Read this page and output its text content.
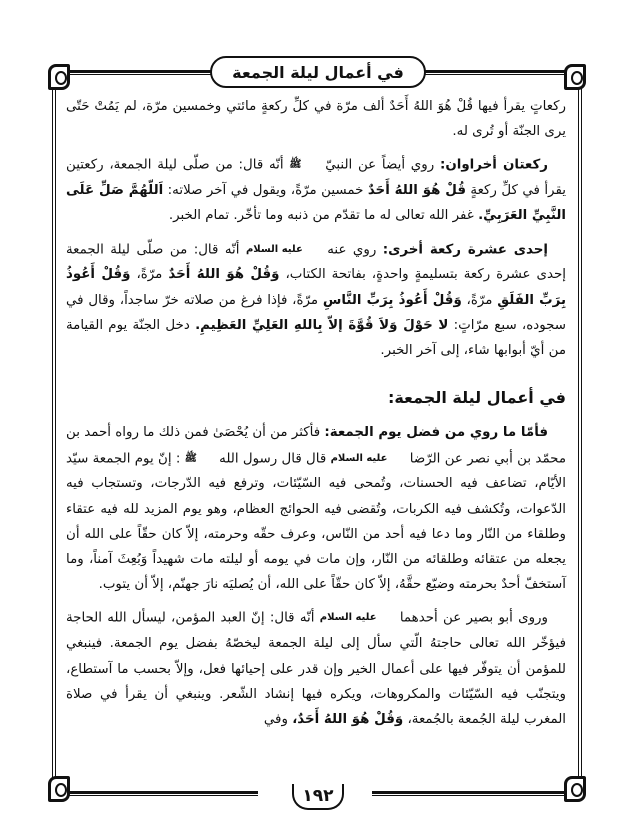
في أعمال ليلة الجمعة

ركعاتٍ يقرأ فيها قُلْ هُوَ اللهُ أَحَدٌ ألف مرّة في كلِّ ركعةٍ مائتي وخمسين مرّة، لم يَمُتْ حَتّى يرى الجنّة أو تُرى له.

ركعتان أخراوان: روي أيضاً عن النبيّ ﷺ أنّه قال: من صلّى ليلة الجمعة، ركعتين يقرأ في كلِّ ركعةٍ قُلْ هُوَ اللهُ أَحَدٌ خمسين مرّةً، ويقول في آخر صلاته: اَللّهُمَّ صَلِّ عَلَى النَّبِيِّ العَرَبِيِّ. غفر الله تعالى له ما تقدّم من ذنبه وما تأخّر. تمام الخبر.

إحدى عشرة ركعة أخرى: روي عنه عليه السلام أنّه قال: من صلّى ليلة الجمعة إحدى عشرة ركعة بتسليمةٍ واحدةٍ، بفاتحة الكتاب، وَقُلْ هُوَ اللهُ أَحَدٌ مرّةً، وَقُلْ أَعُوذُ بِرَبِّ الفَلَقِ مرّةً، وَقُلْ أَعُوذُ بِرَبِّ النَّاسِ مرّةً، فإذا فرغ من صلاته خرّ ساجداً، وقال في سجوده، سبع مرّاتٍ: لا حَوْلَ وَلاَ قُوَّةَ إلاّ بِاللهِ العَلِيِّ العَظِيمِ. دخل الجنّة يوم القيامة من أيّ أبوابها شاء، إلى آخر الخبر.

في أعمال ليلة الجمعة:

فأمّا ما روي من فضل يوم الجمعة: فأكثر من أن يُحْصَىٰ فمن ذلك ما رواه أحمد بن محمّد بن أبي نصر عن الرّضا عليه السلام قال قال رسول الله ﷺ : إنّ يوم الجمعة سيّد الأيّام، تضاعف فيه الحسنات، وتُمحى فيه السّيّئات، وترفع فيه الدّرجات، وتستجاب فيه الدّعوات، وتُكشف فيه الكربات، وتُقضى فيه الحوائج العظام، وهو يوم المزيد لله فيه عتقاء وطلقاء من النّار وما دعا فيه أحد من النّاس، وعرف حقّه وحرمته، إلاّ كان حقّاً على الله أن يجعله من عتقائه وطلقائه من النّار، وإن مات في يومه أو ليلته مات شهيداً وَبُعِثَ آمناً، وما آستخفّ أحدٌ بحرمته وضيّع حقَّهُ، إلاّ كان حقّاً على الله، أن يُصليَه نارَ جهنّم، إلاّ أن يتوب.

وروى أبو بصير عن أحدهما عليه السلام أنّه قال: إنّ العبد المؤمن، ليسأل الله الحاجة فيؤخّر الله تعالى حاجتهُ الّتي سأل إلى ليلة الجمعة ليخصّهُ بفضل يوم الجمعة. فينبغي للمؤمن أن يتوفّر فيها على أعمال الخير وإن قدر على إحيائها فعل، وإلاّ بحسب ما آستطاع، ويتجنّب فيه السّيّئات والمكروهات، ويكره فيها إنشاد الشّعر. وينبغي أن يقرأ في صلاة المغرب ليلة الجُمعة بالجُمعة، وَقُلْ هُوَ اللهُ أَحَدٌ، وفي

١٩٢
